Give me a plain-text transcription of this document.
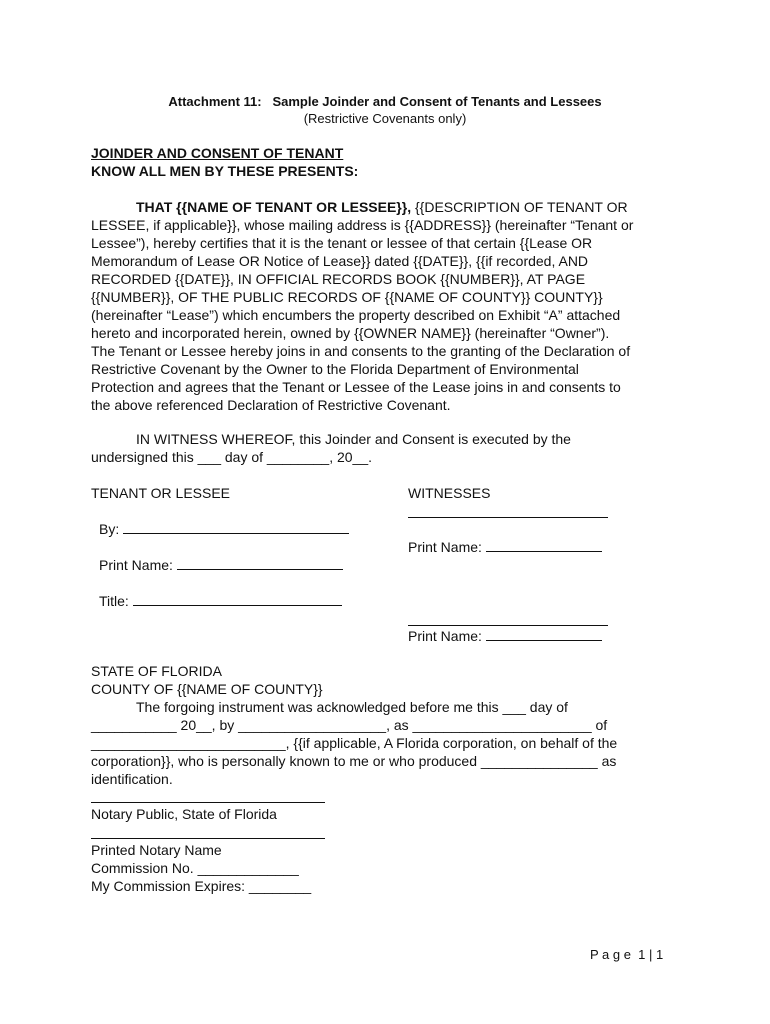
Attachment 11: Sample Joinder and Consent of Tenants and Lessees
(Restrictive Covenants only)
JOINDER AND CONSENT OF TENANT
KNOW ALL MEN BY THESE PRESENTS:
THAT {{NAME OF TENANT OR LESSEE}}, {{DESCRIPTION OF TENANT OR
LESSEE, if applicable}}, whose mailing address is {{ADDRESS}} (hereinafter “Tenant or
Lessee”), hereby certifies that it is the tenant or lessee of that certain {{Lease OR
Memorandum of Lease OR Notice of Lease}} dated {{DATE}}, {{if recorded, AND
RECORDED {{DATE}}, IN OFFICIAL RECORDS BOOK {{NUMBER}}, AT PAGE
{{NUMBER}}, OF THE PUBLIC RECORDS OF {{NAME OF COUNTY}} COUNTY}}
(hereinafter “Lease”) which encumbers the property described on Exhibit “A” attached
hereto and incorporated herein, owned by {{OWNER NAME}} (hereinafter “Owner”).
The Tenant or Lessee hereby joins in and consents to the granting of the Declaration of
Restrictive Covenant by the Owner to the Florida Department of Environmental
Protection and agrees that the Tenant or Lessee of the Lease joins in and consents to
the above referenced Declaration of Restrictive Covenant.
IN WITNESS WHEREOF, this Joinder and Consent is executed by the
undersigned this ___ day of ________, 20__.
TENANT OR LESSEE	WITNESSES
By:
Print Name:
Print Name:
Title:
Print Name:
STATE OF FLORIDA
COUNTY OF {{NAME OF COUNTY}}
The forgoing instrument was acknowledged before me this ___ day of
___________ 20__, by ___________________, as _______________________ of
_________________________, {{if applicable, A Florida corporation, on behalf of the
corporation}}, who is personally known to me or who produced _______________ as
identification.
Notary Public, State of Florida
Printed Notary Name
Commission No. _____________
My Commission Expires: ________
P a g e  1 | 1
